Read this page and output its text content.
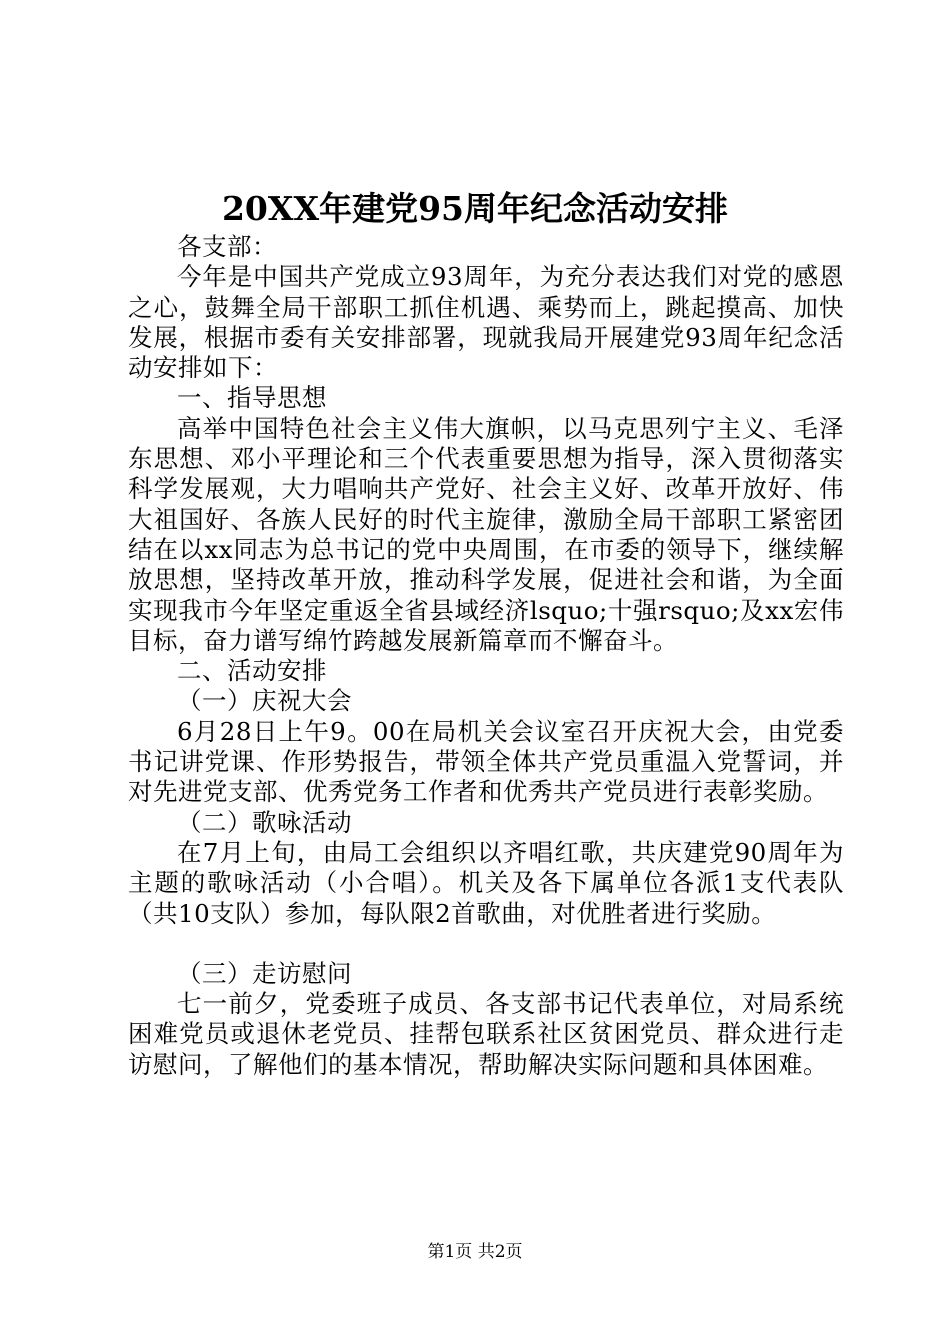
20XX年建党95周年纪念活动安排

各支部：

今年是中国共产党成立93周年，为充分表达我们对党的感恩之心，鼓舞全局干部职工抓住机遇、乘势而上，跳起摸高、加快发展，根据市委有关安排部署，现就我局开展建党93周年纪念活动安排如下：

一、指导思想

高举中国特色社会主义伟大旗帜，以马克思列宁主义、毛泽东思想、邓小平理论和三个代表重要思想为指导，深入贯彻落实科学发展观，大力唱响共产党好、社会主义好、改革开放好、伟大祖国好、各族人民好的时代主旋律，激励全局干部职工紧密团结在以xx同志为总书记的党中央周围，在市委的领导下，继续解放思想，坚持改革开放，推动科学发展，促进社会和谐，为全面实现我市今年坚定重返全省县域经济lsquo;十强rsquo;及xx宏伟目标，奋力谱写绵竹跨越发展新篇章而不懈奋斗。

二、活动安排

（一）庆祝大会

6月28日上午9。00在局机关会议室召开庆祝大会，由党委书记讲党课、作形势报告，带领全体共产党员重温入党誓词，并对先进党支部、优秀党务工作者和优秀共产党员进行表彰奖励。

（二）歌咏活动

在7月上旬，由局工会组织以齐唱红歌，共庆建党90周年为主题的歌咏活动（小合唱）。机关及各下属单位各派1支代表队（共10支队）参加，每队限2首歌曲，对优胜者进行奖励。

（三）走访慰问

七一前夕，党委班子成员、各支部书记代表单位，对局系统困难党员或退休老党员、挂帮包联系社区贫困党员、群众进行走访慰问，了解他们的基本情况，帮助解决实际问题和具体困难。

第1页 共2页
